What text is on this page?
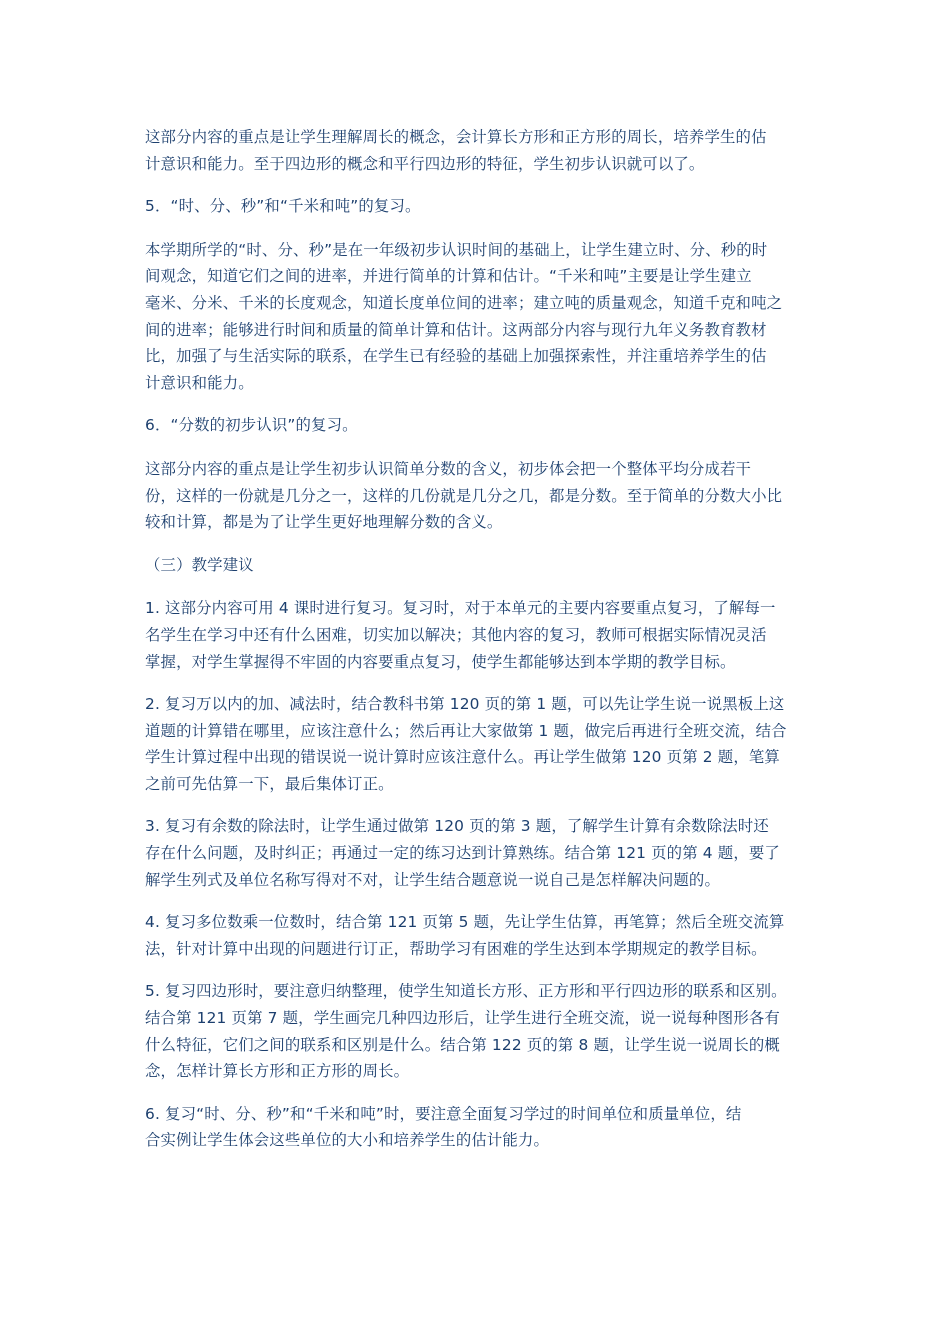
这部分内容的重点是让学生理解周长的概念，会计算长方形和正方形的周长，培养学生的估
计意识和能力。至于四边形的概念和平行四边形的特征，学生初步认识就可以了。

5．“时、分、秒”和“千米和吨”的复习。

本学期所学的“时、分、秒”是在一年级初步认识时间的基础上，让学生建立时、分、秒的时
间观念，知道它们之间的进率，并进行简单的计算和估计。“千米和吨”主要是让学生建立
毫米、分米、千米的长度观念，知道长度单位间的进率；建立吨的质量观念，知道千克和吨之
间的进率；能够进行时间和质量的简单计算和估计。这两部分内容与现行九年义务教育教材
比，加强了与生活实际的联系，在学生已有经验的基础上加强探索性，并注重培养学生的估
计意识和能力。

6．“分数的初步认识”的复习。

这部分内容的重点是让学生初步认识简单分数的含义，初步体会把一个整体平均分成若干
份，这样的一份就是几分之一，这样的几份就是几分之几，都是分数。至于简单的分数大小比
较和计算，都是为了让学生更好地理解分数的含义。

（三）教学建议

1. 这部分内容可用 4 课时进行复习。复习时，对于本单元的主要内容要重点复习，了解每一
名学生在学习中还有什么困难，切实加以解决；其他内容的复习，教师可根据实际情况灵活
掌握，对学生掌握得不牢固的内容要重点复习，使学生都能够达到本学期的教学目标。

2. 复习万以内的加、减法时，结合教科书第 120 页的第 1 题，可以先让学生说一说黑板上这
道题的计算错在哪里，应该注意什么；然后再让大家做第 1 题，做完后再进行全班交流，结合
学生计算过程中出现的错误说一说计算时应该注意什么。再让学生做第 120 页第 2 题，笔算
之前可先估算一下，最后集体订正。

3. 复习有余数的除法时，让学生通过做第 120 页的第 3 题，了解学生计算有余数除法时还
存在什么问题，及时纠正；再通过一定的练习达到计算熟练。结合第 121 页的第 4 题，要了
解学生列式及单位名称写得对不对，让学生结合题意说一说自己是怎样解决问题的。

4. 复习多位数乘一位数时，结合第 121 页第 5 题，先让学生估算，再笔算；然后全班交流算
法，针对计算中出现的问题进行订正，帮助学习有困难的学生达到本学期规定的教学目标。

5. 复习四边形时，要注意归纳整理，使学生知道长方形、正方形和平行四边形的联系和区别。
结合第 121 页第 7 题，学生画完几种四边形后，让学生进行全班交流，说一说每种图形各有
什么特征，它们之间的联系和区别是什么。结合第 122 页的第 8 题，让学生说一说周长的概
念，怎样计算长方形和正方形的周长。

6. 复习“时、分、秒”和“千米和吨”时，要注意全面复习学过的时间单位和质量单位，结
合实例让学生体会这些单位的大小和培养学生的估计能力。
